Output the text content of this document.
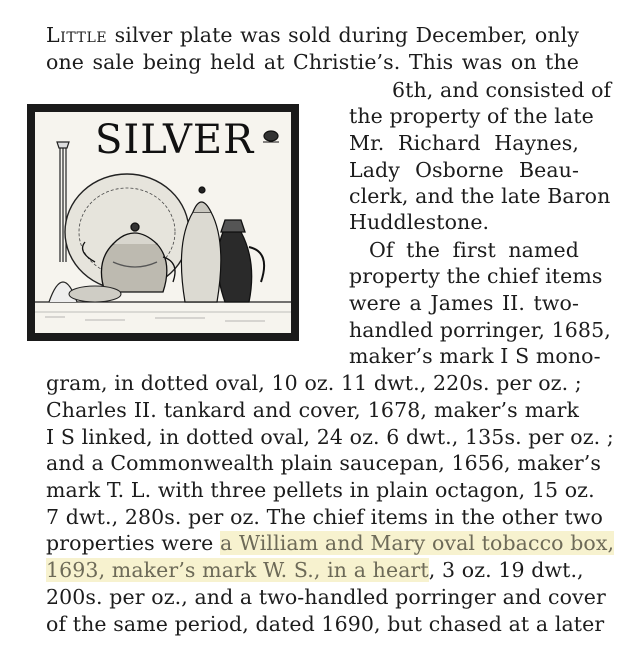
Little silver plate was sold during December, only
one sale being held at Christie’s. This was on the
6th, and consisted of
the property of the late
Mr. Richard Haynes,
Lady Osborne Beau-
clerk, and the late Baron
Huddlestone.
Of the first named
property the chief items
were a James II. two-
handled porringer, 1685,
maker’s mark I S mono-
gram, in dotted oval, 10 oz. 11 dwt., 220s. per oz. ;
Charles II. tankard and cover, 1678, maker’s mark
I S linked, in dotted oval, 24 oz. 6 dwt., 135s. per oz. ;
and a Commonwealth plain saucepan, 1656, maker’s
mark T. L. with three pellets in plain octagon, 15 oz.
7 dwt., 280s. per oz. The chief items in the other two
properties were a William and Mary oval tobacco box,
1693, maker’s mark W. S., in a heart, 3 oz. 19 dwt.,
200s. per oz., and a two-handled porringer and cover
of the same period, dated 1690, but chased at a later
SILVER
